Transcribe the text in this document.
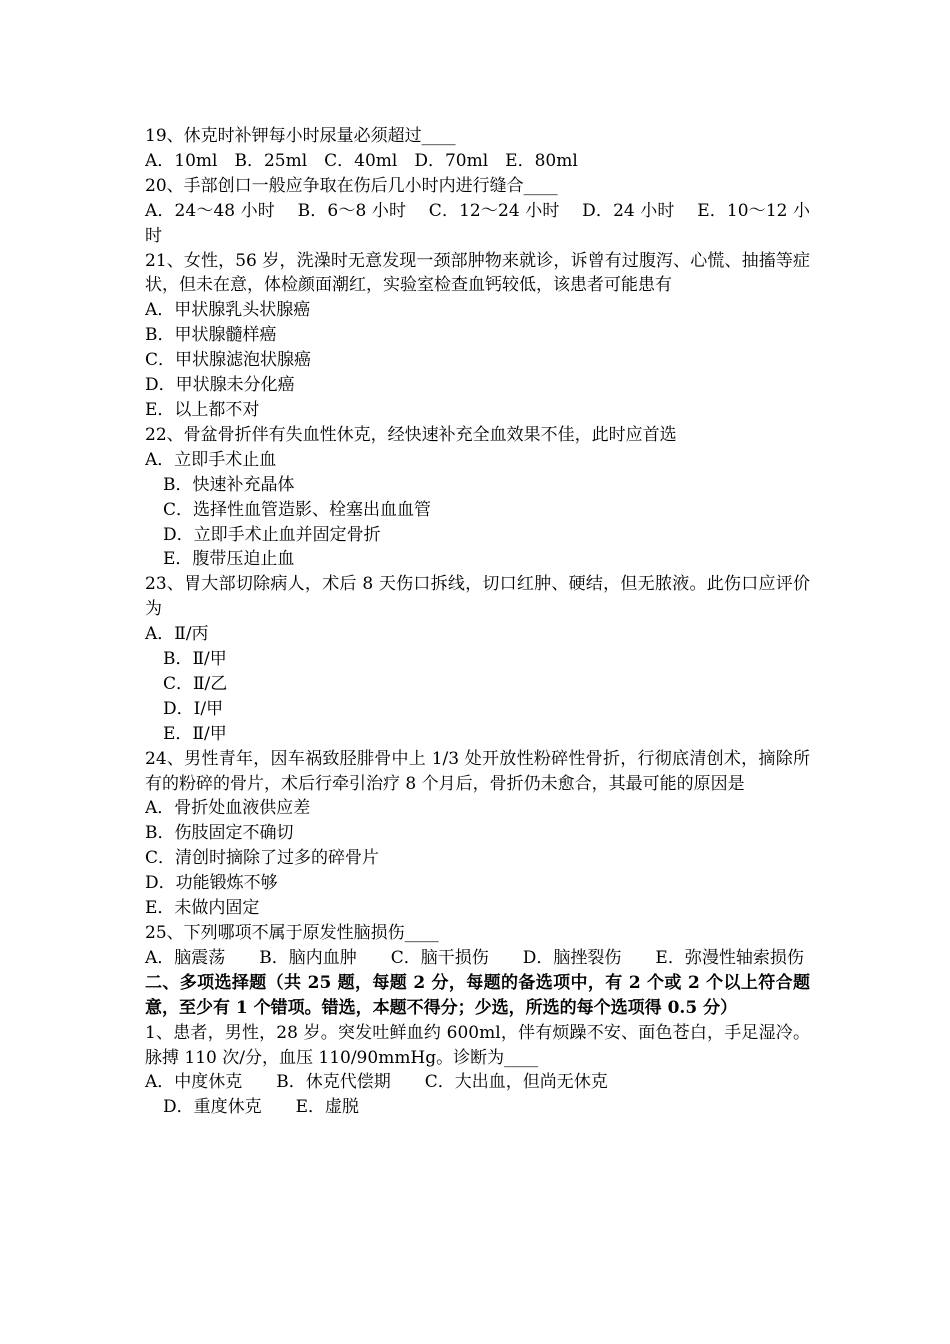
19、休克时补钾每小时尿量必须超过____
A．10ml　B．25ml　C．40ml　D．70ml　E．80ml
20、手部创口一般应争取在伤后几小时内进行缝合____
A．24～48 小时　 B．6～8 小时　 C．12～24 小时　 D．24 小时　 E．10～12 小时
21、女性，56 岁，洗澡时无意发现一颈部肿物来就诊，诉曾有过腹泻、心慌、抽搐等症状，但未在意，体检颜面潮红，实验室检查血钙较低，该患者可能患有
A．甲状腺乳头状腺癌
B．甲状腺髓样癌
C．甲状腺滤泡状腺癌
D．甲状腺未分化癌
E．以上都不对
22、骨盆骨折伴有失血性休克，经快速补充全血效果不佳，此时应首选
A．立即手术止血
B．快速补充晶体
C．选择性血管造影、栓塞出血血管
D．立即手术止血并固定骨折
E．腹带压迫止血
23、胃大部切除病人，术后 8 天伤口拆线，切口红肿、硬结，但无脓液。此伤口应评价为
A．Ⅱ/丙
B．Ⅱ/甲
C．Ⅱ/乙
D．Ⅰ/甲
E．Ⅱ/甲
24、男性青年，因车祸致胫腓骨中上 1/3 处开放性粉碎性骨折，行彻底清创术，摘除所有的粉碎的骨片，术后行牵引治疗 8 个月后，骨折仍未愈合，其最可能的原因是
A．骨折处血液供应差
B．伤肢固定不确切
C．清创时摘除了过多的碎骨片
D．功能锻炼不够
E．未做内固定
25、下列哪项不属于原发性脑损伤____
A．脑震荡　　B．脑内血肿　　C．脑干损伤　　D．脑挫裂伤　　E．弥漫性轴索损伤
二、多项选择题（共 25 题，每题 2 分，每题的备选项中，有 2 个或 2 个以上符合题意，至少有 1 个错项。错选，本题不得分；少选，所选的每个选项得 0.5 分）
1、患者，男性，28 岁。突发吐鲜血约 600ml，伴有烦躁不安、面色苍白，手足湿冷。脉搏 110 次/分，血压 110/90mmHg。诊断为____
A．中度休克　　B．休克代偿期　　C．大出血，但尚无休克
D．重度休克　　E．虚脱
